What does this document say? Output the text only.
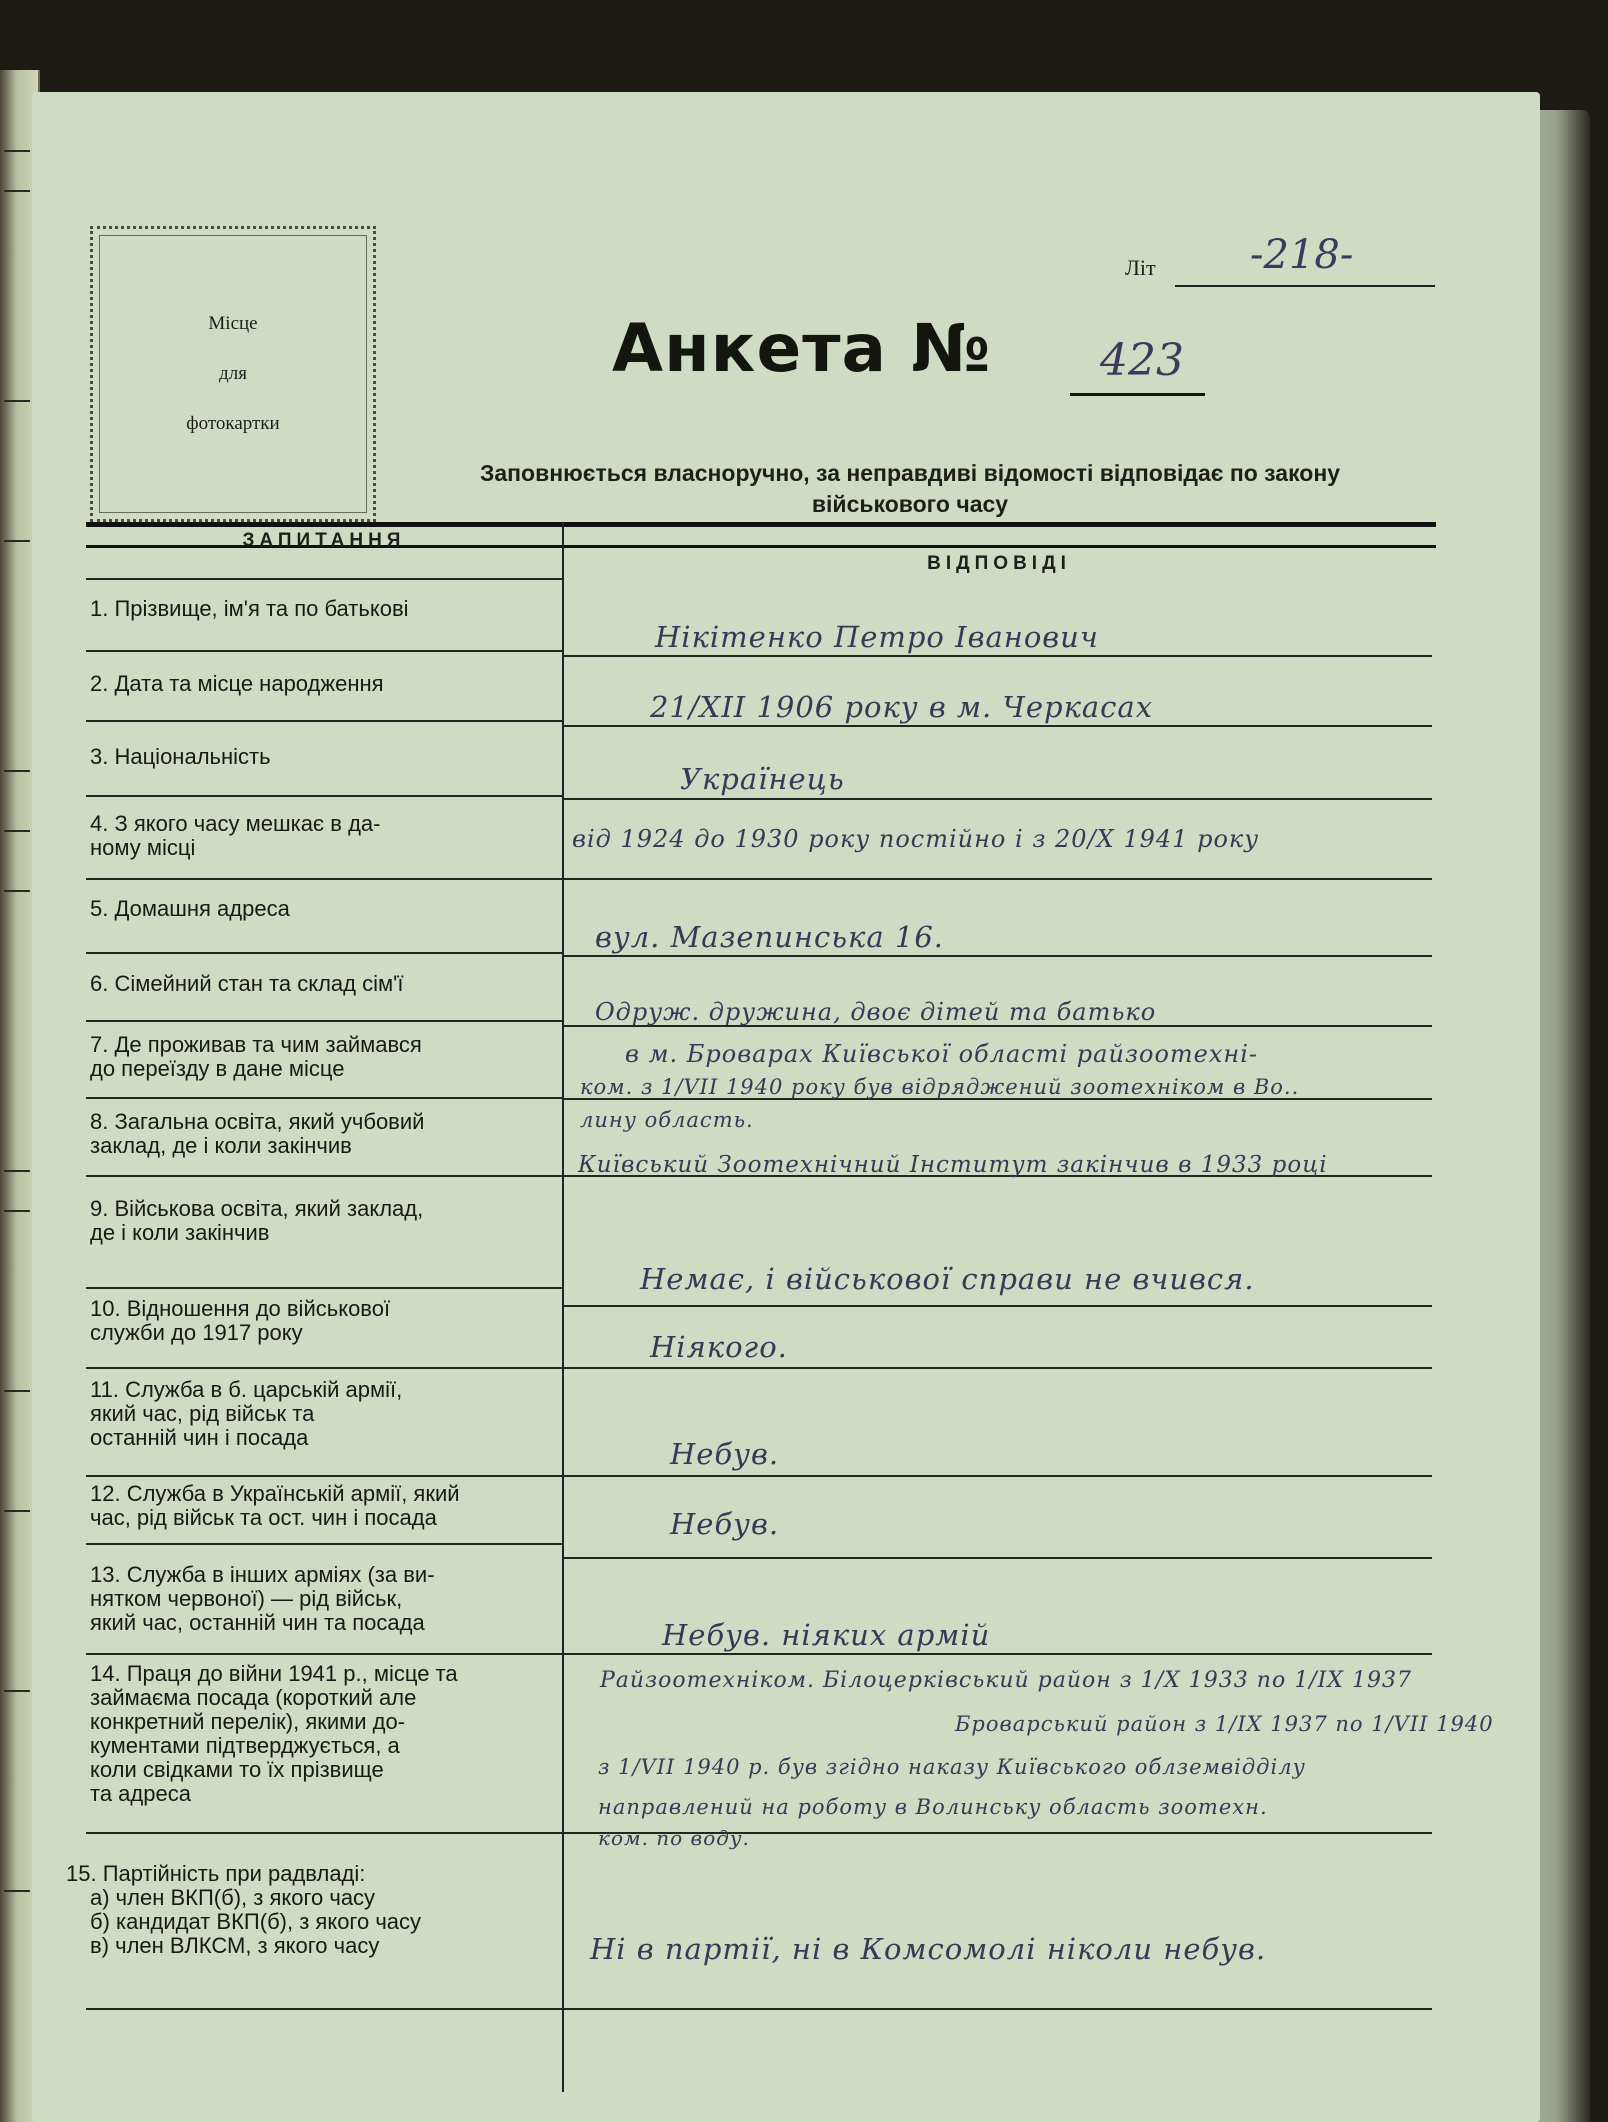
Місце
для
фотокартки
Літ -218-
Анкета № 423
Заповнюється власноручно, за неправдиві відомості відповідає по закону
військового часу
ЗАПИТАННЯ
ВІДПОВІДІ
1. Прізвище, ім'я та по батькові
2. Дата та місце народження
3. Національність
4. З якого часу мешкає в да-
ному місці
5. Домашня адреса
6. Сімейний стан та склад сім'ї
7. Де проживав та чим займався
до переїзду в дане місце
8. Загальна освіта, який учбовий
заклад, де і коли закінчив
9. Військова освіта, який заклад,
де і коли закінчив
10. Відношення до військової
служби до 1917 року
11. Служба в б. царській армії,
який час, рід військ та
останній чин і посада
12. Служба в Українській армії, який
час, рід військ та ост. чин і посада
13. Служба в інших арміях (за ви-
нятком червоної) — рід військ,
який час, останній чин та посада
14. Праця до війни 1941 р., місце та
займаєма посада (короткий але
конкретний перелік), якими до-
кументами підтверджується, а
коли свідками то їх прізвище
та адреса
15. Партійність при радвладі:
а) член ВКП(б), з якого часу
б) кандидат ВКП(б), з якого часу
в) член ВЛКСМ, з якого часу
Нікітенко Петро Іванович
21/XII 1906 року в м. Черкасах
Українець
від 1924 до 1930 року постійно і з 20/X 1941 року
вул. Мазепинська 16.
Одруж. дружина, двоє дітей та батько
в м. Броварах Київської області райзоотехні-
ком. з 1/VII 1940 року був відряджений зоотехніком в Во..
лину область.
Київський Зоотехнічний Інститут закінчив в 1933 році
Немає, і військової справи не вчився.
Ніякого.
Небув.
Небув.
Небув. ніяких армій
Райзоотехніком. Білоцерківський район з 1/X 1933 по 1/IX 1937
Броварський район з 1/IX 1937 по 1/VII 1940
з 1/VII 1940 р. був згідно наказу Київського облземвідділу
направлений на роботу в Волинську область зоотехн.
ком. по воду.
Ні в партії, ні в Комсомолі ніколи небув.
